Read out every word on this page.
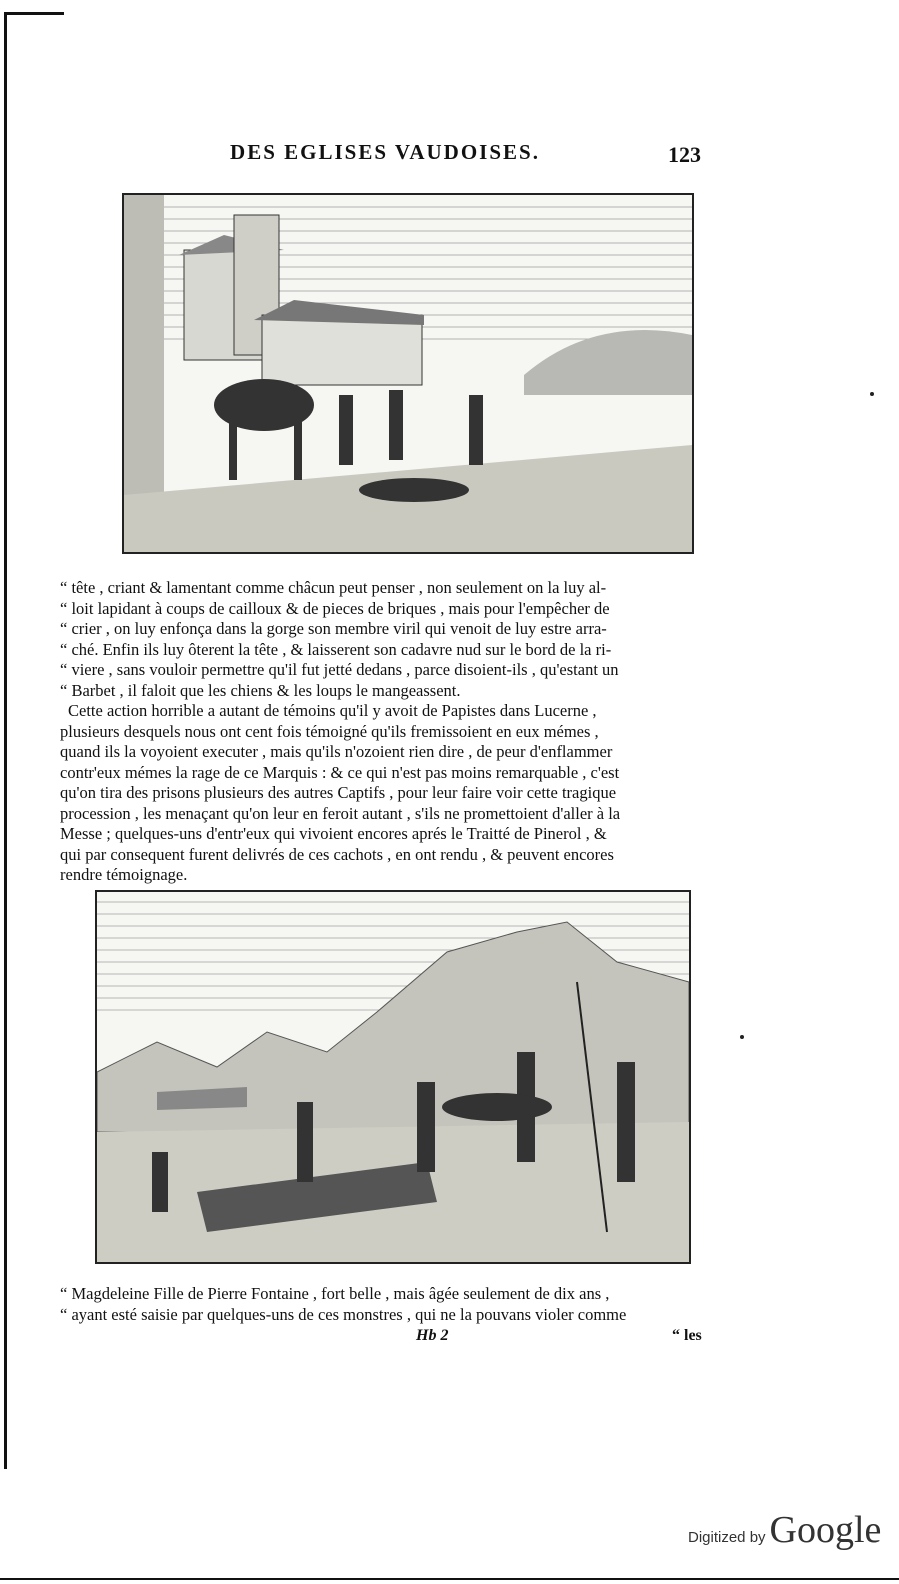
DES EGLISES VAUDOISES.	123
“ tête , criant & lamentant comme châcun peut penser , non seulement on la luy al-
“ loit lapidant à coups de cailloux & de pieces de briques , mais pour l'empêcher de
“ crier , on luy enfonça dans la gorge son membre viril qui venoit de luy estre arra-
“ ché. Enfin ils luy ôterent la tête , & laisserent son cadavre nud sur le bord de la ri-
“ viere , sans vouloir permettre qu'il fut jetté dedans , parce disoient-ils , qu'estant un
“ Barbet , il faloit que les chiens & les loups le mangeassent.
Cette action horrible a autant de témoins qu'il y avoit de Papistes dans Lucerne ,
plusieurs desquels nous ont cent fois témoigné qu'ils fremissoient en eux mémes ,
quand ils la voyoient executer , mais qu'ils n'ozoient rien dire , de peur d'enflammer
contr'eux mémes la rage de ce Marquis : & ce qui n'est pas moins remarquable , c'est
qu'on tira des prisons plusieurs des autres Captifs , pour leur faire voir cette tragique
procession , les menaçant qu'on leur en feroit autant , s'ils ne promettoient d'aller à la
Messe ; quelques-uns d'entr'eux qui vivoient encores aprés le Traitté de Pinerol , &
qui par consequent furent delivrés de ces cachots , en ont rendu , & peuvent encores
rendre témoignage.
“ Magdeleine Fille de Pierre Fontaine , fort belle , mais âgée seulement de dix ans ,
“ ayant esté saisie par quelques-uns de ces monstres , qui ne la pouvans violer comme
Hb 2	“ les
Digitized by Google
